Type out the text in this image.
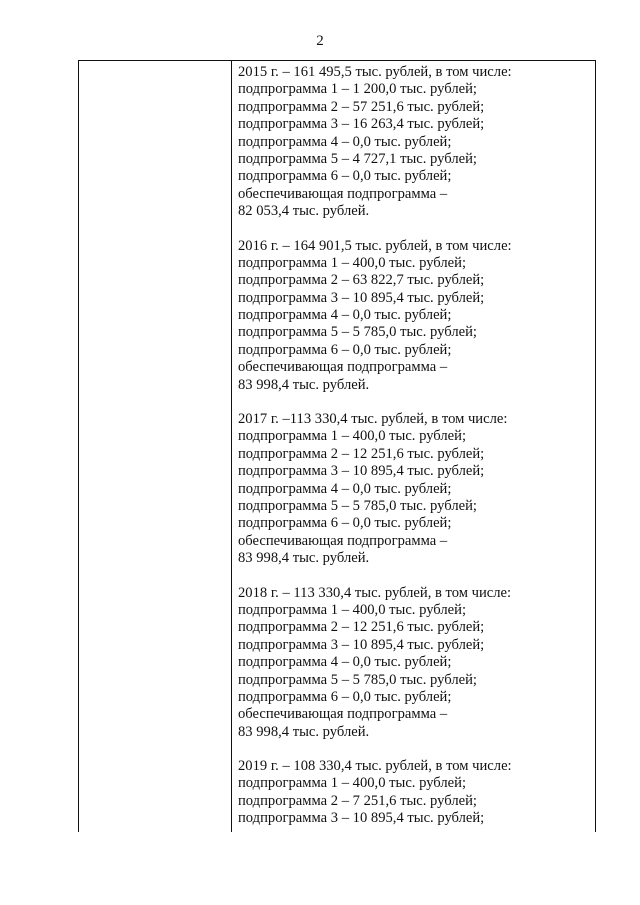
2
2015 г. – 161 495,5 тыс. рублей, в том числе:
подпрограмма 1 – 1 200,0 тыс. рублей;
подпрограмма 2 – 57 251,6 тыс. рублей;
подпрограмма 3 – 16 263,4 тыс. рублей;
подпрограмма 4 – 0,0 тыс. рублей;
подпрограмма 5 – 4 727,1 тыс. рублей;
подпрограмма 6 – 0,0 тыс. рублей;
обеспечивающая подпрограмма –
82 053,4 тыс. рублей.
2016 г. – 164 901,5 тыс. рублей, в том числе:
подпрограмма 1 – 400,0 тыс. рублей;
подпрограмма 2 – 63 822,7 тыс. рублей;
подпрограмма 3 – 10 895,4 тыс. рублей;
подпрограмма 4 – 0,0 тыс. рублей;
подпрограмма 5 – 5 785,0 тыс. рублей;
подпрограмма 6 – 0,0 тыс. рублей;
обеспечивающая подпрограмма –
83 998,4 тыс. рублей.
2017 г. –113 330,4 тыс. рублей, в том числе:
подпрограмма 1 – 400,0 тыс. рублей;
подпрограмма 2 – 12 251,6 тыс. рублей;
подпрограмма 3 – 10 895,4 тыс. рублей;
подпрограмма 4 – 0,0 тыс. рублей;
подпрограмма 5 – 5 785,0 тыс. рублей;
подпрограмма 6 – 0,0 тыс. рублей;
обеспечивающая подпрограмма –
83 998,4 тыс. рублей.
2018 г. – 113 330,4 тыс. рублей, в том числе:
подпрограмма 1 – 400,0 тыс. рублей;
подпрограмма 2 – 12 251,6 тыс. рублей;
подпрограмма 3 – 10 895,4 тыс. рублей;
подпрограмма 4 – 0,0 тыс. рублей;
подпрограмма 5 – 5 785,0 тыс. рублей;
подпрограмма 6 – 0,0 тыс. рублей;
обеспечивающая подпрограмма –
83 998,4 тыс. рублей.
2019 г. – 108 330,4 тыс. рублей, в том числе:
подпрограмма 1 – 400,0 тыс. рублей;
подпрограмма 2 – 7 251,6 тыс. рублей;
подпрограмма 3 – 10 895,4 тыс. рублей;
